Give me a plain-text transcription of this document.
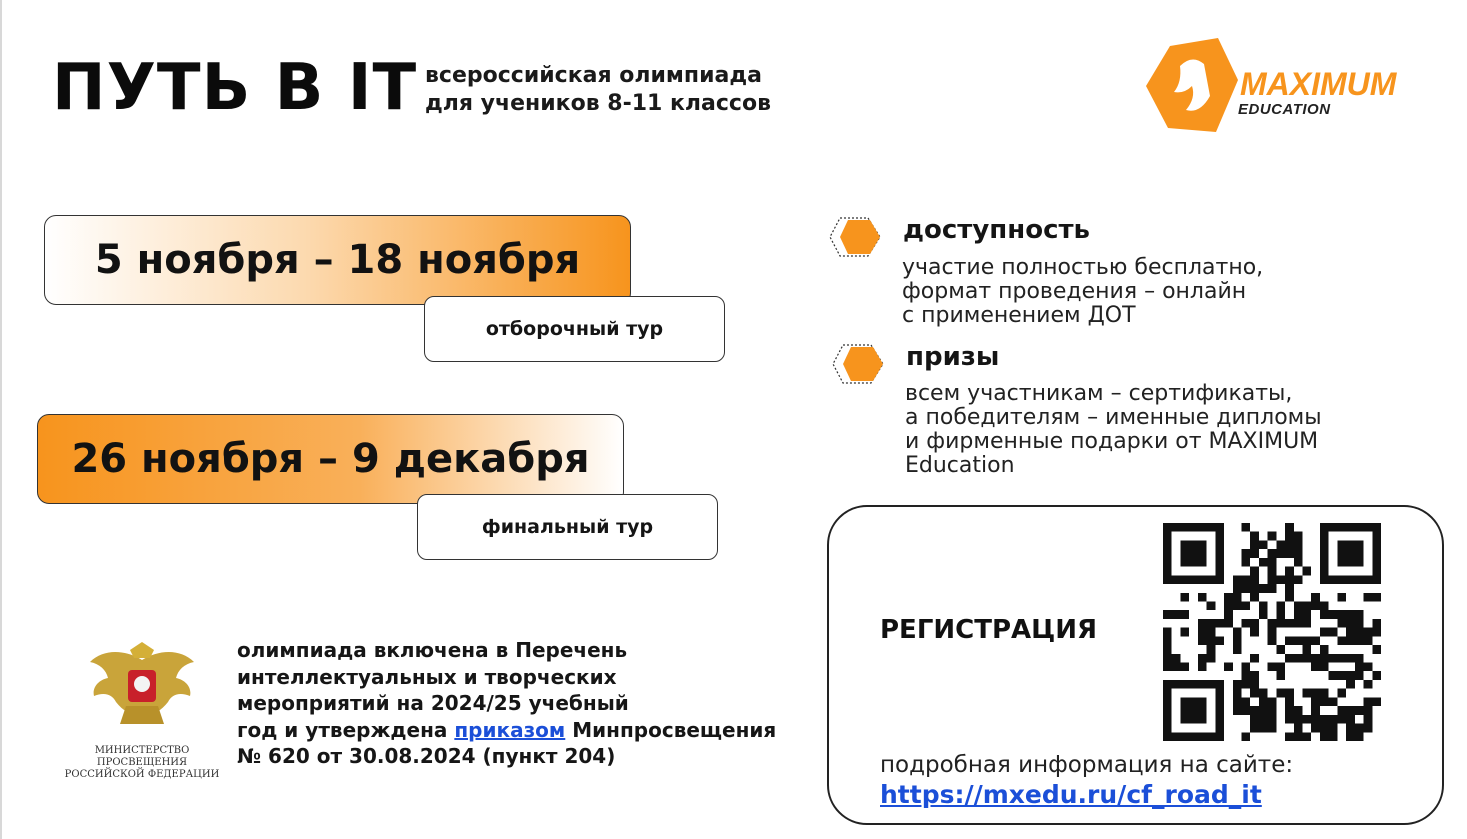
ПУТЬ В IT всероссийская олимпиада
для учеников 8-11 классов
MAXIMUM
EDUCATION
5 ноября – 18 ноября
отборочный тур
26 ноября – 9 декабря
финальный тур
доступность
участие полностью бесплатно,
формат проведения – онлайн
с применением ДОТ
призы
всем участникам – сертификаты,
а победителям – именные дипломы
и фирменные подарки от MAXIMUM
Education
РЕГИСТРАЦИЯ
подробная информация на сайте:
https://mxedu.ru/cf_road_it
МИНИСТЕРСТВО ПРОСВЕЩЕНИЯ
РОССИЙСКОЙ ФЕДЕРАЦИИ
олимпиада включена в Перечень
интеллектуальных и творческих
мероприятий на 2024/25 учебный
год и утверждена приказом Минпросвещения
№ 620 от 30.08.2024 (пункт 204)
